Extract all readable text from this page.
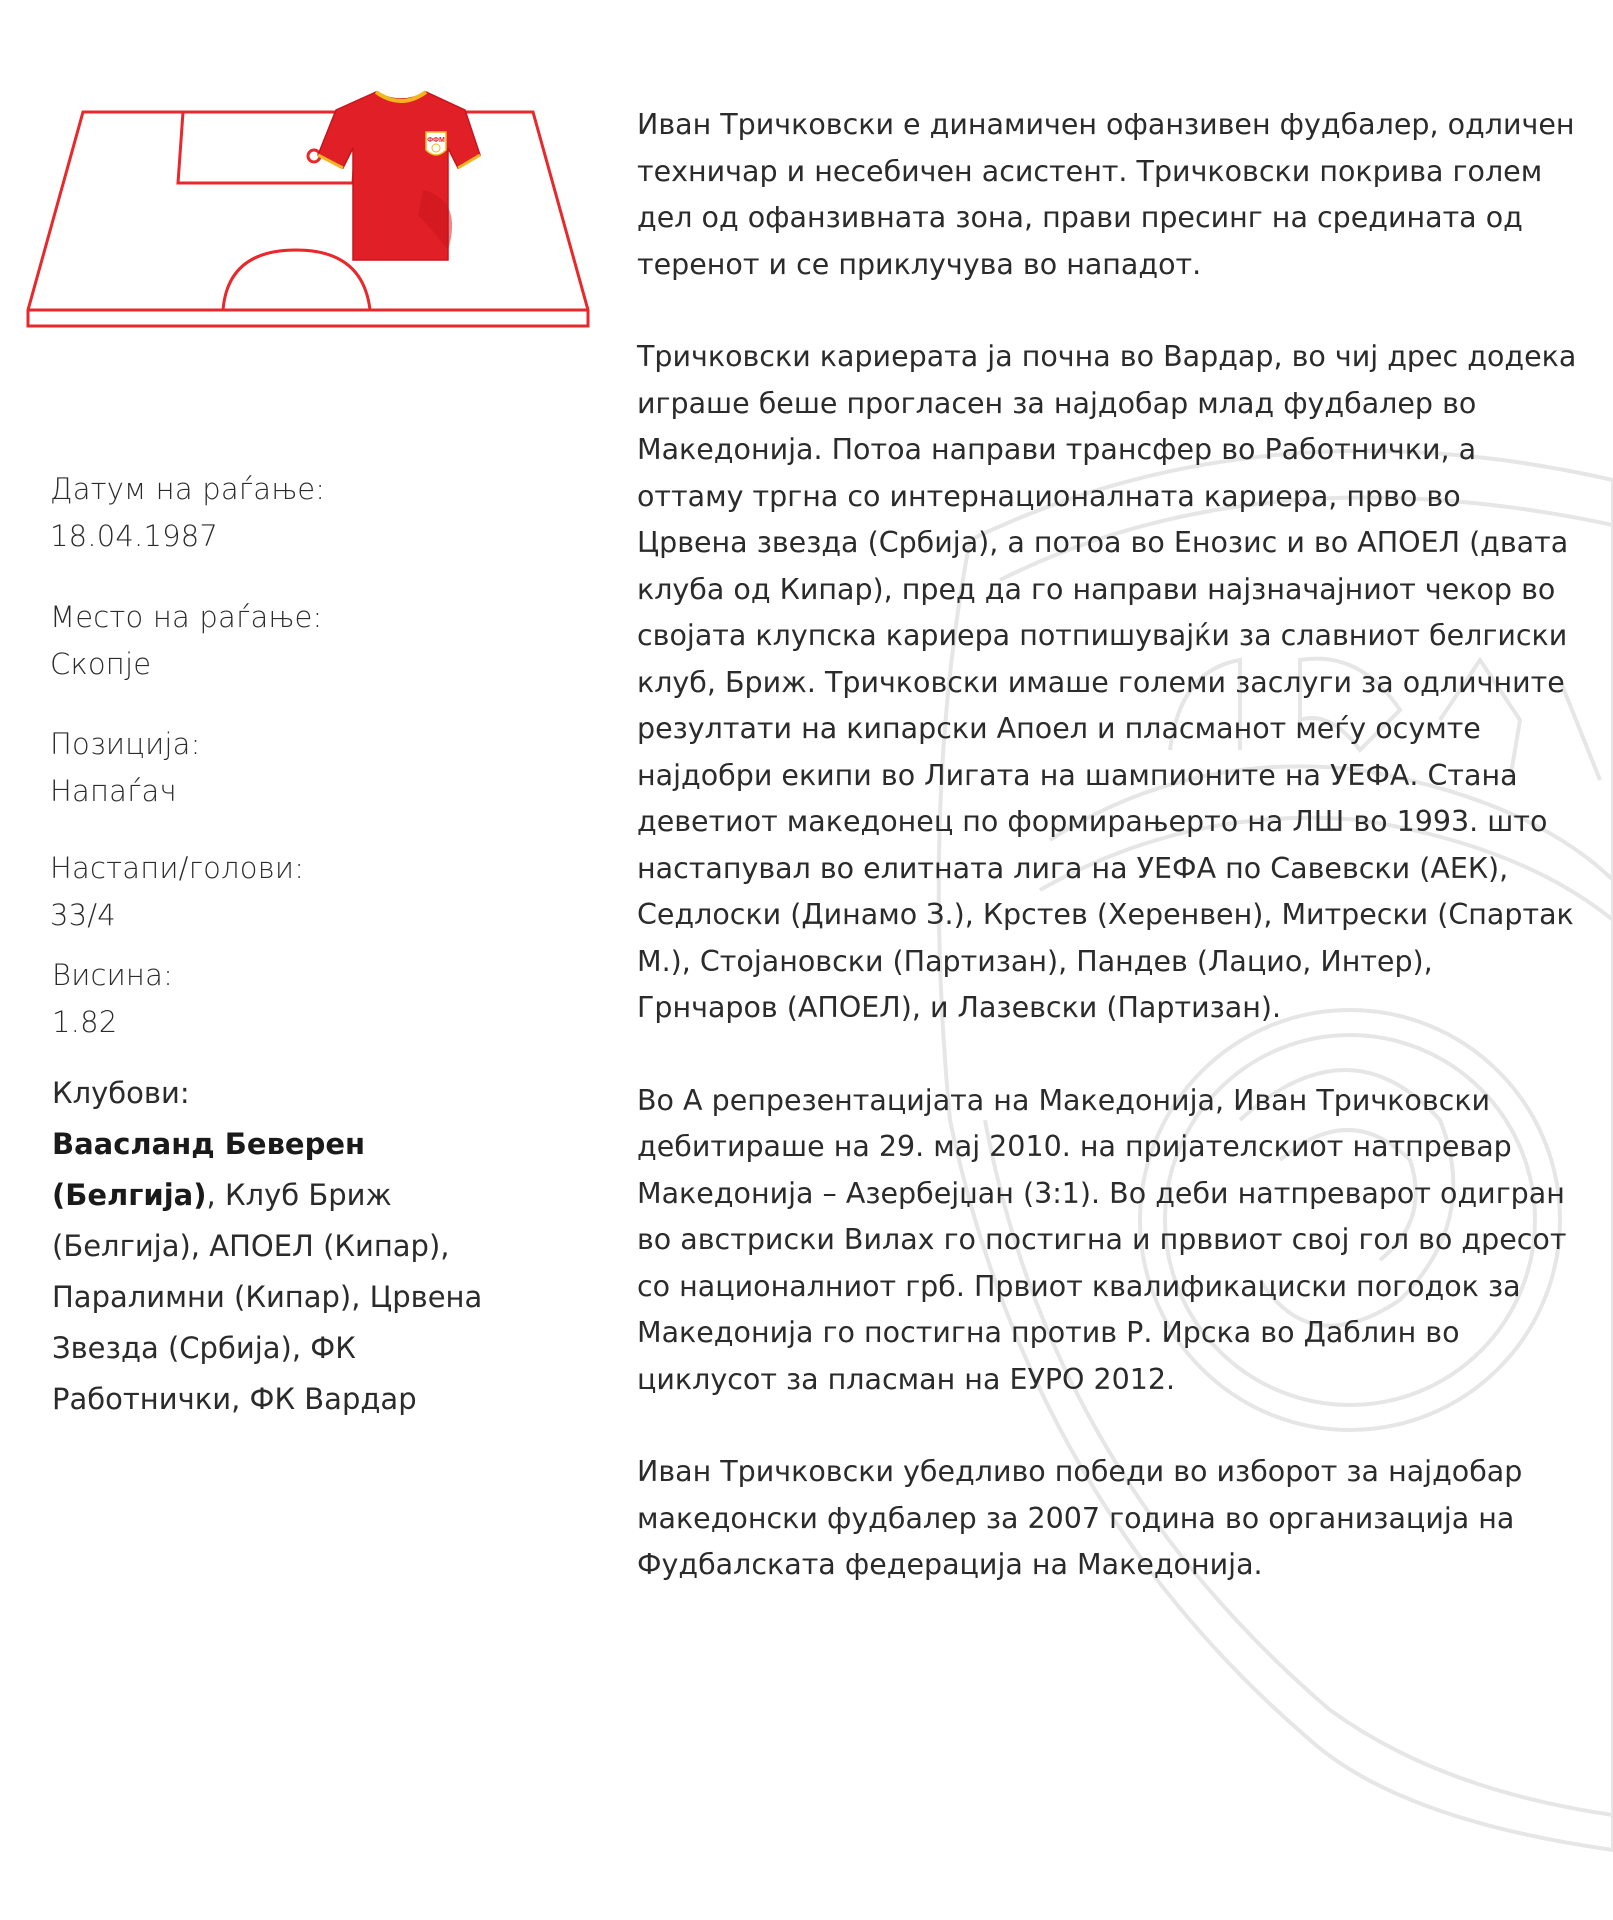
ФФМ
Датум на раѓање:
18.04.1987
Место на раѓање:
Скопје
Позиција:
Напаѓач
Настапи/голови:
33/4
Висина:
1.82
Клубови:
Ваасланд Беверен (Белгија), Клуб Бриж (Белгија), АПОЕЛ (Кипар), Паралимни (Кипар), Црвена Звезда (Србија), ФК Работнички, ФК Вардар

Иван Тричковски е динамичен офанзивен фудбалер, одличен техничар и несебичен асистент. Тричковски покрива голем дел од офанзивната зона, прави пресинг на средината од теренот и се приклучува во нападот.

Тричковски кариерата ја почна во Вардар, во чиј дрес додека играше беше прогласен за најдобар млад фудбалер во Македонија. Потоа направи трансфер во Работнички, а оттаму тргна со интернационалната кариера, прво во Црвена звезда (Србија), а потоа во Енозис и во АПОЕЛ (двата клуба од Кипар), пред да го направи најзначајниот чекор во својата клупска кариера потпишувајќи за славниот белгиски клуб, Бриж. Тричковски имаше големи заслуги за одличните резултати на кипарски Апоел и пласманот меѓу осумте најдобри екипи во Лигата на шампионите на УЕФА. Стана деветиот македонец по формирањерто на ЛШ во 1993. што настапувал во елитната лига на УЕФА по Савевски (АЕК), Седлоски (Динамо З.), Крстев (Херенвен), Митрески (Спартак М.), Стојановски (Партизан), Пандев (Лацио, Интер), Грнчаров (АПОЕЛ), и Лазевски (Партизан).

Во А репрезентацијата на Македонија, Иван Тричковски дебитираше на 29. мај 2010. на пријателскиот натпревар Македонија – Азербејџан (3:1). Во деби натпреварот одигран во австриски Вилах го постигна и прввиот свој гол во дресот со националниот грб. Првиот квалификациски погодок за Македонија го постигна против Р. Ирска во Даблин во циклусот за пласман на ЕУРО 2012.

Иван Тричковски убедливо победи во изборот за најдобар македонски фудбалер за 2007 година во организација на Фудбалската федерација на Македонија.
